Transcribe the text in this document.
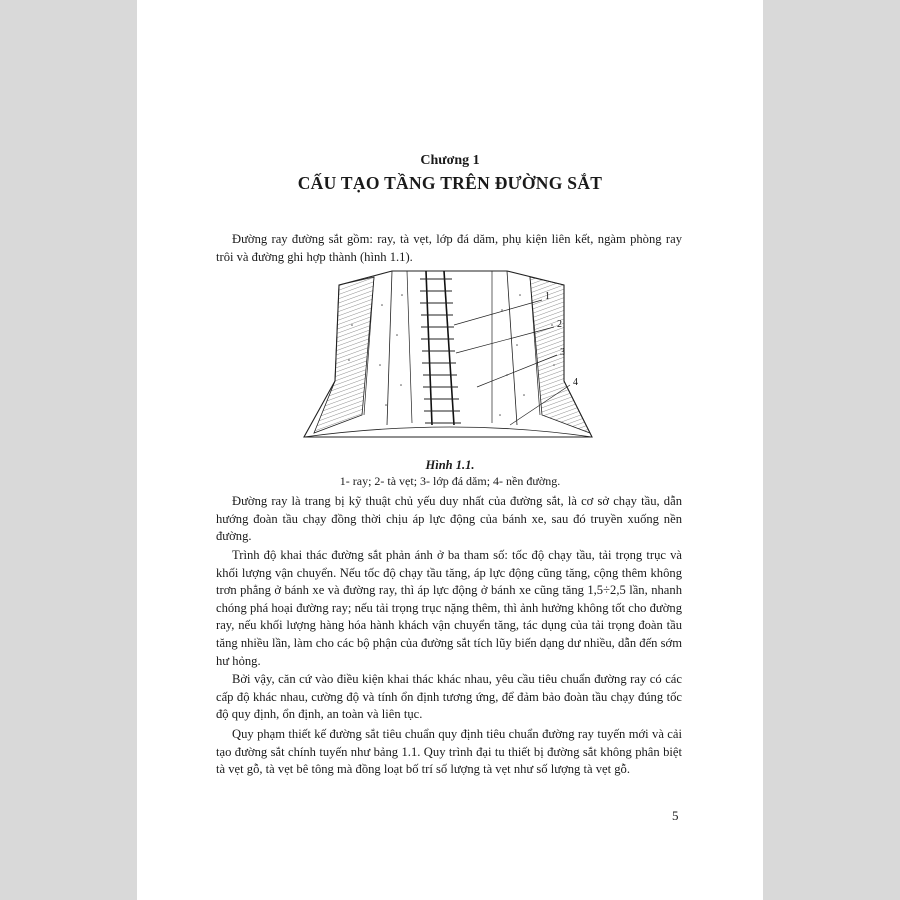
Chương 1
CẤU TẠO TẦNG TRÊN ĐƯỜNG SẮT

Đường ray đường sắt gồm: ray, tà vẹt, lớp đá dăm, phụ kiện liên kết, ngàm phòng ray trôi và đường ghi hợp thành (hình 1.1).

1
2
3
4
Hình 1.1.
1- ray; 2- tà vẹt; 3- lớp đá dăm; 4- nền đường.

Đường ray là trang bị kỹ thuật chủ yếu duy nhất của đường sắt, là cơ sở chạy tầu, dẫn hướng đoàn tầu chạy đồng thời chịu áp lực động của bánh xe, sau đó truyền xuống nền đường.

Trình độ khai thác đường sắt phản ánh ở ba tham số: tốc độ chạy tầu, tải trọng trục và khối lượng vận chuyển. Nếu tốc độ chạy tầu tăng, áp lực động cũng tăng, cộng thêm không trơn phẳng ở bánh xe và đường ray, thì áp lực động ở bánh xe cũng tăng 1,5÷2,5 lần, nhanh chóng phá hoại đường ray; nếu tải trọng trục nặng thêm, thì ảnh hưởng không tốt cho đường ray, nếu khối lượng hàng hóa hành khách vận chuyển tăng, tác dụng của tải trọng đoàn tầu tăng nhiều lần, làm cho các bộ phận của đường sắt tích lũy biến dạng dư nhiều, dẫn đến sớm hư hỏng.

Bởi vậy, căn cứ vào điều kiện khai thác khác nhau, yêu cầu tiêu chuẩn đường ray có các cấp độ khác nhau, cường độ và tính ổn định tương ứng, để đảm bảo đoàn tầu chạy đúng tốc độ quy định, ổn định, an toàn và liên tục.

Quy phạm thiết kế đường sắt tiêu chuẩn quy định tiêu chuẩn đường ray tuyến mới và cải tạo đường sắt chính tuyến như bảng 1.1. Quy trình đại tu thiết bị đường sắt không phân biệt tà vẹt gỗ, tà vẹt bê tông mà đồng loạt bố trí số lượng tà vẹt như số lượng tà vẹt gỗ.

5
